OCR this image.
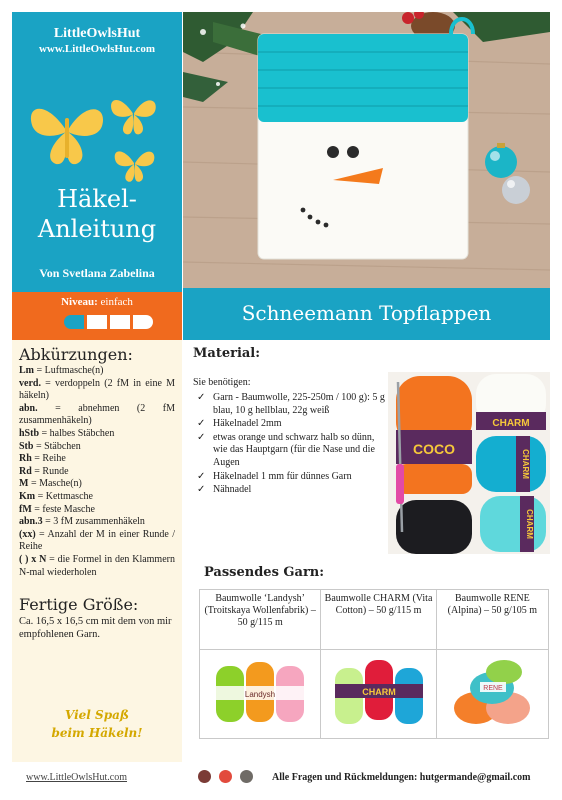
LittleOwlsHut
www.LittleOwlsHut.com
Häkel-
Anleitung
Von Svetlana Zabelina
Niveau: einfach	Schneemann Topflappen
Abkürzungen:
Lm = Luftmasche(n)
verd. = verdoppeln (2 fM in eine M häkeln)
abn. = abnehmen (2 fM zusammenhäkeln)
hStb = halbes Stäbchen
Stb = Stäbchen
Rh = Reihe
Rd = Runde
M = Masche(n)
Km = Kettmasche
fM = feste Masche
abn.3 = 3 fM zusammenhäkeln
(xx) = Anzahl der M in einer Runde / Reihe
( ) x N = die Formel in den Klammern N-mal wiederholen
Fertige Größe:
Ca. 16,5 x 16,5 cm mit dem von mir empfohlenen Garn.
Viel Spaß
beim Häkeln!
Material:
Sie benötigen:
✓ Garn - Baumwolle, 225-250m / 100 g): 5 g blau, 10 g hellblau, 22g weiß
✓ Häkelnadel 2mm
✓ etwas orange und schwarz halb so dünn, wie das Hauptgarn (für die Nase und die Augen
✓ Häkelnadel 1 mm für dünnes Garn
✓ Nähnadel
COCO
CHARM
CHARM
CHARM
Passendes Garn:
Baumwolle ‘Landysh’ (Troitskaya Wollenfabrik) – 50 g/115 m	Baumwolle CHARM (Vita Cotton) – 50 g/115 m	Baumwolle RENE (Alpina) – 50 g/105 m

Landysh	CHARM	RENE
www.LittleOwlsHut.com	Alle Fragen und Rückmeldungen: hutgermande@gmail.com
